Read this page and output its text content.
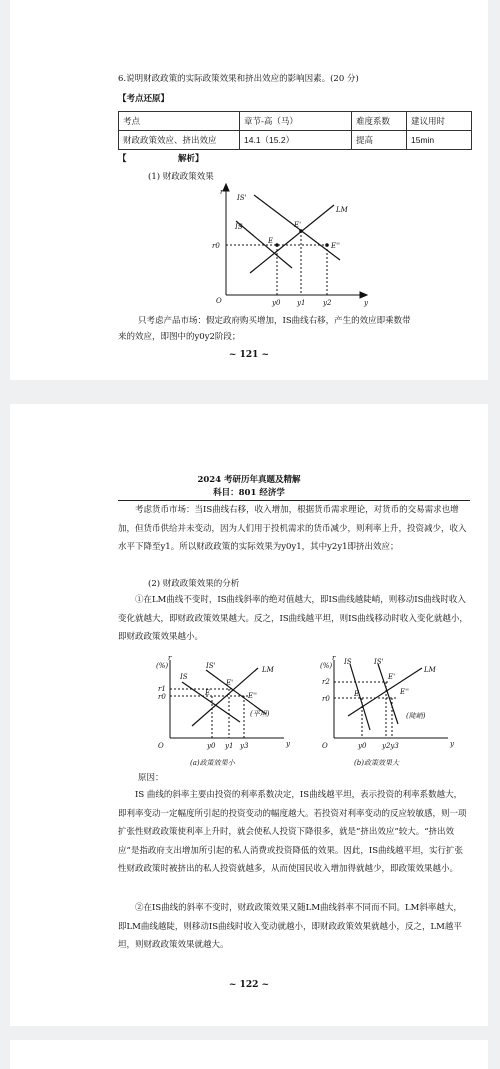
6.说明财政政策的实际政策效果和挤出效应的影响因素。(20 分)
【考点还原】
考点	章节-高（马）	难度系数	建议用时
财政政策效应、挤出效应	14.1（15.2）	提高	15min
【	解析】
(1) 财政政策效果
r
O	y
IS'
IS
LM
E
E'
E''
r0
y0 y1	y2
只考虑产品市场：假定政府购买增加，IS曲线右移，产生的效应即乘数带
来的效应，即图中的y0y2阶段；
~ 121 ~
2024 考研历年真题及精解
科目：801 经济学
考虑货币市场：当IS曲线右移，收入增加，根据货币需求理论，对货币的交易需求也增加，但货币供给并未变动，因为人们用于投机需求的货币减少，则利率上升，投资减少，收入水平下降至y1。所以财政政策的实际效果为y0y1，其中y2y1即挤出效应；
(2) 财政政策效果的分析
①在LM曲线不变时，IS曲线斜率的绝对值越大，即IS曲线越陡峭，则移动IS曲线时收入变化就越大，即财政政策效果越大。反之，IS曲线越平坦，则IS曲线移动时收入变化就越小，即财政政策效果越小。
r
(%)
r1
r0
IS
IS'	LM
E
E'
E''
(平坦)
O	y
y0 y1 y3
(a)政策效果小
r
(%)
r2
r0
IS	IS'
LM
E
E'
E''
(陡峭)
O	y
y0 y2y3
(b)政策效果大
原因：
IS 曲线的斜率主要由投资的利率系数决定，IS曲线越平坦，表示投资的利率系数越大，即利率变动一定幅度所引起的投资变动的幅度越大。若投资对利率变动的反应较敏感，则一项扩张性财政政策使利率上升时，就会使私人投资下降很多，就是“挤出效应”较大。“挤出效应”是指政府支出增加所引起的私人消费或投资降低的效果。因此，IS曲线越平坦，实行扩张性财政政策时被挤出的私人投资就越多，从而使国民收入增加得就越少，即政策效果越小。
②在IS曲线的斜率不变时，财政政策效果又随LM曲线斜率不同而不同。LM斜率越大，即LM曲线越陡，则移动IS曲线时收入变动就越小，即财政政策效果就越小，反之，LM越平坦，则财政政策效果就越大。
~ 122 ~
